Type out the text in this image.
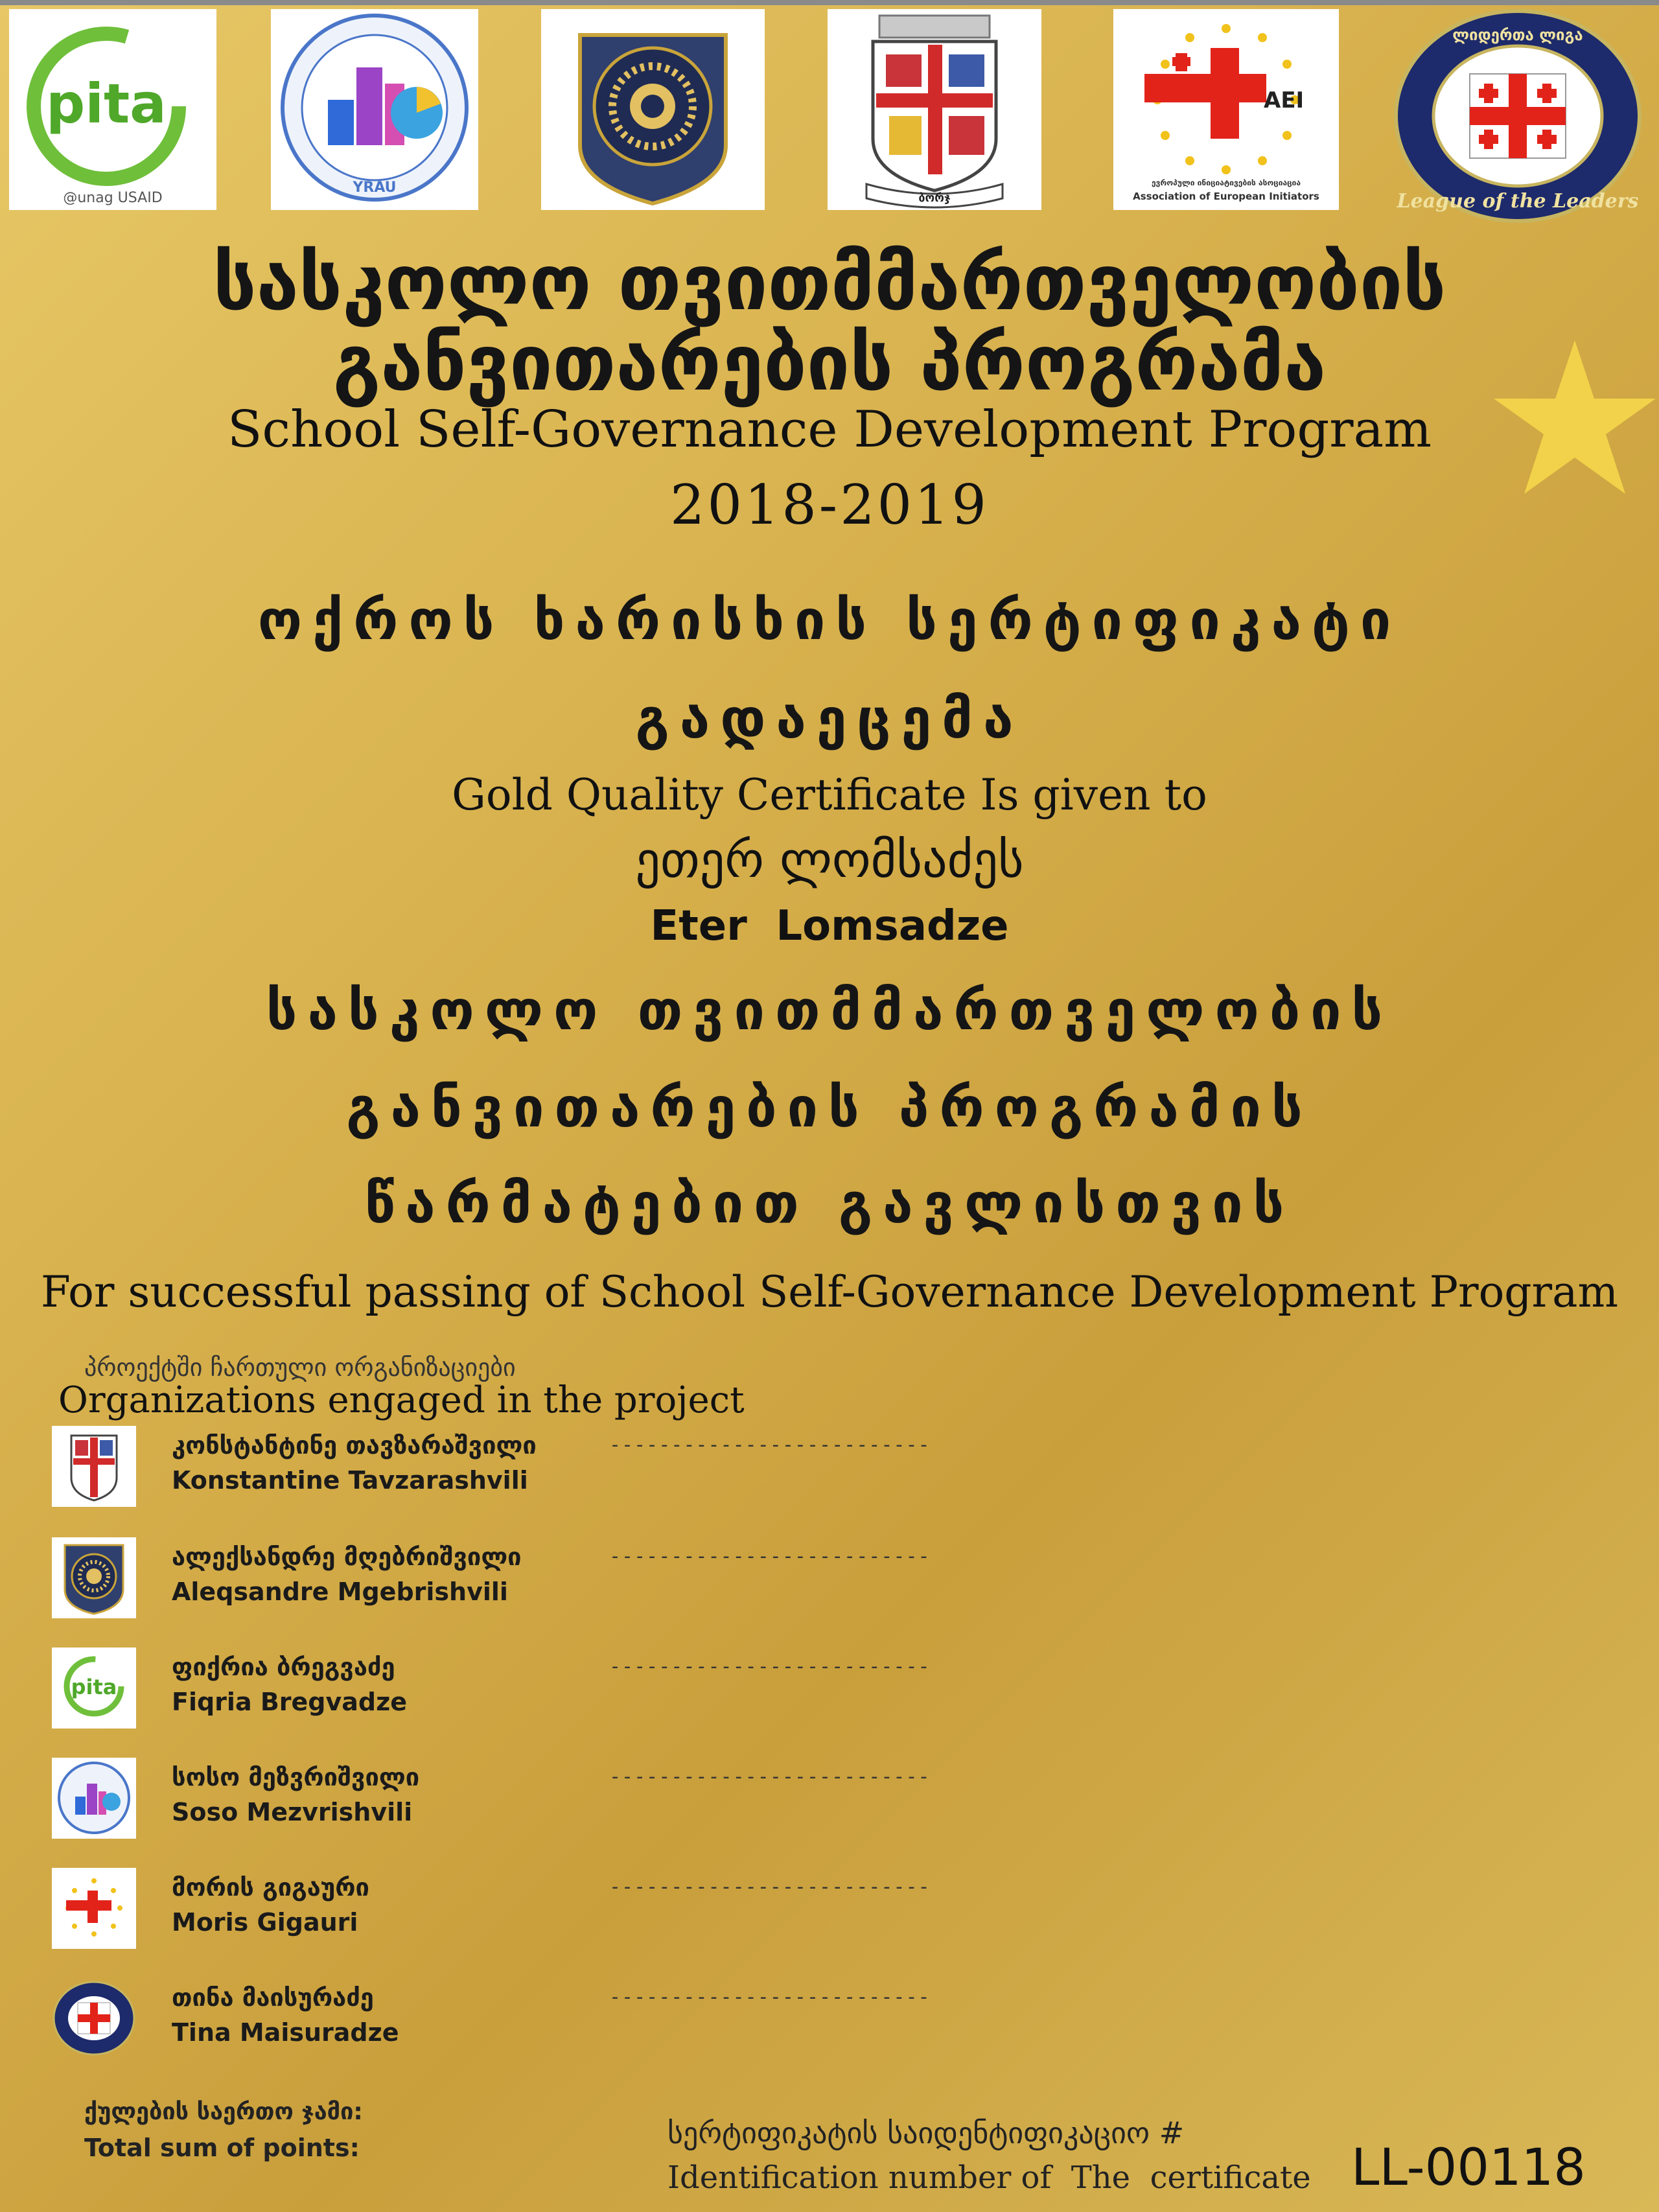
pita
@unag USAID
YRAU
ბორჯ
AEI
ევროპული ინიციატივების ასოციაცია
Association of European Initiators
ლიდერთა ლიგა
League of the Leaders
სასკოლო თვითმმართველობის
განვითარების პროგრამა
School Self-Governance Development Program
2018-2019
ოქროს ხარისხის სერტიფიკატი
გადაეცემა
Gold Quality Certificate Is given to
ეთერ ლომსაძეს
Eter  Lomsadze
სასკოლო თვითმმართველობის
განვითარების პროგრამის
წარმატებით გავლისთვის
For successful passing of School Self-Governance Development Program
პროექტში ჩართული ორგანიზაციები
Organizations engaged in the project
კონსტანტინე თავზარაშვილი	--------------------------
Konstantine Tavzarashvili
ალექსანდრე მღებრიშვილი	--------------------------
Aleqsandre Mgebrishvili
pita
ფიქრია ბრეგვაძე	--------------------------
Fiqria Bregvadze
სოსო მეზვრიშვილი	--------------------------
Soso Mezvrishvili
მორის გიგაური	--------------------------
Moris Gigauri
თინა მაისურაძე	--------------------------
Tina Maisuradze
ქულების საერთო ჯამი:
Total sum of points:	სერტიფიკატის საიდენტიფიკაციო #
Identification number of  The  certificate LL-00118
